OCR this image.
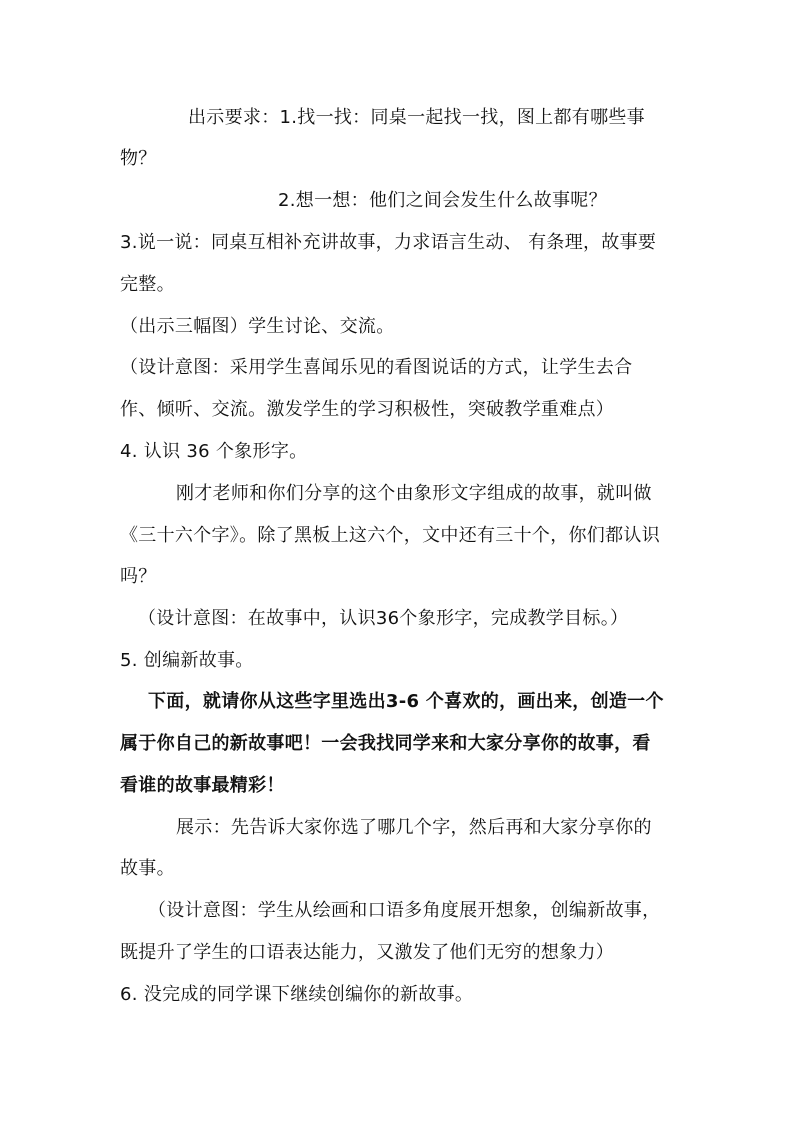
出示要求：1.找一找：同桌一起找一找，图上都有哪些事
物？
2.想一想：他们之间会发生什么故事呢？
3.说一说：同桌互相补充讲故事，力求语言生动、 有条理，故事要
完整。
（出示三幅图）学生讨论、交流。
（设计意图：采用学生喜闻乐见的看图说话的方式，让学生去合
作、倾听、交流。激发学生的学习积极性，突破教学重难点）
4. 认识 36 个象形字。
刚才老师和你们分享的这个由象形文字组成的故事，就叫做
《三十六个字》。除了黑板上这六个，文中还有三十个，你们都认识
吗？
（设计意图：在故事中，认识36个象形字，完成教学目标。）
5. 创编新故事。
下面，就请你从这些字里选出3-6 个喜欢的，画出来，创造一个
属于你自己的新故事吧！一会我找同学来和大家分享你的故事，看
看谁的故事最精彩！
展示：先告诉大家你选了哪几个字，然后再和大家分享你的
故事。
（设计意图：学生从绘画和口语多角度展开想象，创编新故事，
既提升了学生的口语表达能力，又激发了他们无穷的想象力）
6. 没完成的同学课下继续创编你的新故事。
